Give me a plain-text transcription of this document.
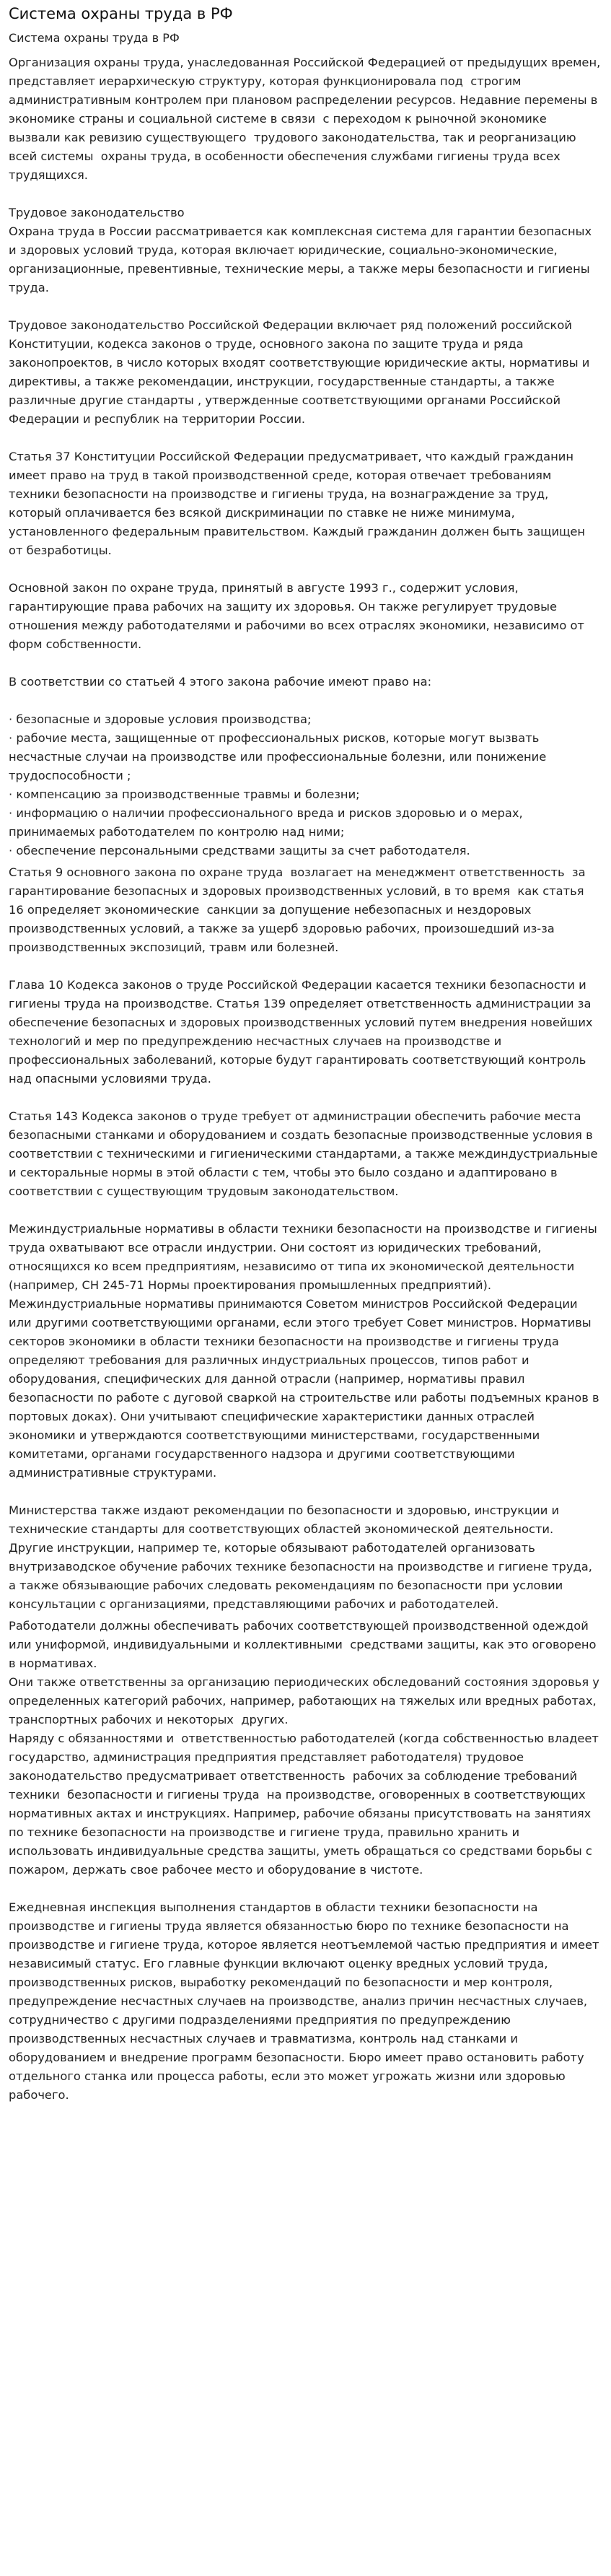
Система охраны труда в РФ
Система охраны труда в РФ

Организация охраны труда, унаследованная Российской Федерацией от предыдущих времен, представляет иерархическую структуру, которая функционировала под  строгим административным контролем при плановом распределении ресурсов. Недавние перемены в экономике страны и социальной системе в связи  с переходом к рыночной экономике вызвали как ревизию существующего  трудового законодательства, так и реорганизацию всей системы  охраны труда, в особенности обеспечения службами гигиены труда всех трудящихся.

Трудовое законодательство
Охрана труда в России рассматривается как комплексная система для гарантии безопасных и здоровых условий труда, которая включает юридические, социально-экономические, организационные, превентивные, технические меры, а также меры безопасности и гигиены труда.

Трудовое законодательство Российской Федерации включает ряд положений российской Конституции, кодекса законов о труде, основного закона по защите труда и ряда законопроектов, в число которых входят соответствующие юридические акты, нормативы и директивы, а также рекомендации, инструкции, государственные стандарты, а также различные другие стандарты , утвержденные соответствующими органами Российской Федерации и республик на территории России.

Статья 37 Конституции Российской Федерации предусматривает, что каждый гражданин имеет право на труд в такой производственной среде, которая отвечает требованиям техники безопасности на производстве и гигиены труда, на вознаграждение за труд, который оплачивается без всякой дискриминации по ставке не ниже минимума, установленного федеральным правительством. Каждый гражданин должен быть защищен от безработицы.

Основной закон по охране труда, принятый в августе 1993 г., содержит условия, гарантирующие права рабочих на защиту их здоровья. Он также регулирует трудовые отношения между работодателями и рабочими во всех отраслях экономики, независимо от форм собственности.

В соответствии со статьей 4 этого закона рабочие имеют право на:

· безопасные и здоровые условия производства;
· рабочие места, защищенные от профессиональных рисков, которые могут вызвать несчастные случаи на производстве или профессиональные болезни, или понижение трудоспособности ;
· компенсацию за производственные травмы и болезни;
· информацию о наличии профессионального вреда и рисков здоровью и о мерах, принимаемых работодателем по контролю над ними;
· обеспечение персональными средствами защиты за счет работодателя.

Статья 9 основного закона по охране труда  возлагает на менеджмент ответственность  за гарантирование безопасных и здоровых производственных условий, в то время  как статья 16 определяет экономические  санкции за допущение небезопасных и нездоровых производственных условий, а также за ущерб здоровью рабочих, произошедший из-за производственных экспозиций, травм или болезней.

Глава 10 Кодекса законов о труде Российской Федерации касается техники безопасности и гигиены труда на производстве. Статья 139 определяет ответственность администрации за обеспечение безопасных и здоровых производственных условий путем внедрения новейших технологий и мер по предупреждению несчастных случаев на производстве и профессиональных заболеваний, которые будут гарантировать соответствующий контроль над опасными условиями труда.

Статья 143 Кодекса законов о труде требует от администрации обеспечить рабочие места безопасными станками и оборудованием и создать безопасные производственные условия в соответствии с техническими и гигиеническими стандартами, а также междиндустриальные и секторальные нормы в этой области с тем, чтобы это было создано и адаптировано в соответствии с существующим трудовым законодательством.

Межиндустриальные нормативы в области техники безопасности на производстве и гигиены труда охватывают все отрасли индустрии. Они состоят из юридических требований, относящихся ко всем предприятиям, независимо от типа их экономической деятельности (например, СН 245-71 Нормы проектирования промышленных предприятий). Межиндустриальные нормативы принимаются Советом министров Российской Федерации или другими соответствующими органами, если этого требует Совет министров. Нормативы секторов экономики в области техники безопасности на производстве и гигиены труда определяют требования для различных индустриальных процессов, типов работ и оборудования, специфических для данной отрасли (например, нормативы правил безопасности по работе с дуговой сваркой на строительстве или работы подъемных кранов в портовых доках). Они учитывают специфические характеристики данных отраслей экономики и утверждаются соответствующими министерствами, государственными комитетами, органами государственного надзора и другими соответствующими административные структурами.

Министерства также издают рекомендации по безопасности и здоровью, инструкции и технические стандарты для соответствующих областей экономической деятельности. Другие инструкции, например те, которые обязывают работодателей организовать внутризаводское обучение рабочих технике безопасности на производстве и гигиене труда, а также обязывающие рабочих следовать рекомендациям по безопасности при условии консультации с организациями, представляющими рабочих и работодателей.

Работодатели должны обеспечивать рабочих соответствующей производственной одеждой или униформой, индивидуальными и коллективными  средствами защиты, как это оговорено  в нормативах.
Они также ответственны за организацию периодических обследований состояния здоровья у определенных категорий рабочих, например, работающих на тяжелых или вредных работах, транспортных рабочих и некоторых  других.
Наряду с обязанностями и  ответственностью работодателей (когда собственностью владеет государство, администрация предприятия представляет работодателя) трудовое законодательство предусматривает ответственность  рабочих за соблюдение требований техники  безопасности и гигиены труда  на производстве, оговоренных в соответствующих нормативных актах и инструкциях. Например, рабочие обязаны присутствовать на занятиях по технике безопасности на производстве и гигиене труда, правильно хранить и использовать индивидуальные средства защиты, уметь обращаться со средствами борьбы с  пожаром, держать свое рабочее место и оборудование в чистоте.

Ежедневная инспекция выполнения стандартов в области техники безопасности на производстве и гигиены труда является обязанностью бюро по технике безопасности на производстве и гигиене труда, которое является неотъемлемой частью предприятия и имеет независимый статус. Его главные функции включают оценку вредных условий труда, производственных рисков, выработку рекомендаций по безопасности и мер контроля, предупреждение несчастных случаев на производстве, анализ причин несчастных случаев, сотрудничество с другими подразделениями предприятия по предупреждению производственных несчастных случаев и травматизма, контроль над станками и оборудованием и внедрение программ безопасности. Бюро имеет право остановить работу отдельного станка или процесса работы, если это может угрожать жизни или здоровью рабочего.
